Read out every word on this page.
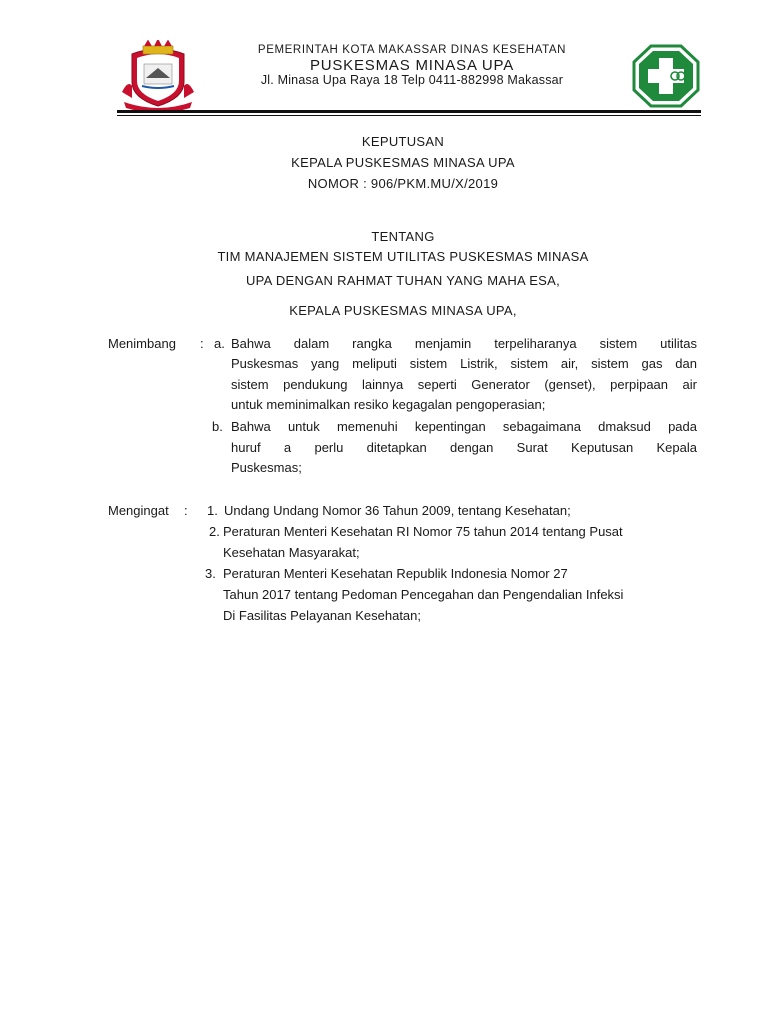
PEMERINTAH KOTA MAKASSAR DINAS KESEHATAN
PUSKESMAS MINASA UPA
Jl. Minasa Upa Raya 18 Telp 0411-882998 Makassar
KEPUTUSAN
KEPALA PUSKESMAS MINASA UPA
NOMOR : 906/PKM.MU/X/2019
TENTANG
TIM MANAJEMEN SISTEM UTILITAS PUSKESMAS MINASA
UPA DENGAN RAHMAT TUHAN YANG MAHA ESA,
KEPALA PUSKESMAS MINASA UPA,
Menimbang : a. Bahwa dalam rangka menjamin terpeliharanya sistem utilitas
Puskesmas yang meliputi sistem Listrik, sistem air, sistem gas dan
sistem pendukung lainnya seperti Generator (genset), perpipaan air
untuk meminimalkan resiko kegagalan pengoperasian;
b. Bahwa untuk memenuhi kepentingan sebagaimana dmaksud pada
huruf a perlu ditetapkan dengan Surat Keputusan Kepala
Puskesmas;
Mengingat : 1. Undang Undang Nomor 36 Tahun 2009, tentang Kesehatan;
2. Peraturan Menteri Kesehatan RI Nomor 75 tahun 2014 tentang Pusat
Kesehatan Masyarakat;
3. Peraturan Menteri Kesehatan Republik Indonesia Nomor 27
Tahun 2017 tentang Pedoman Pencegahan dan Pengendalian Infeksi
Di Fasilitas Pelayanan Kesehatan;
